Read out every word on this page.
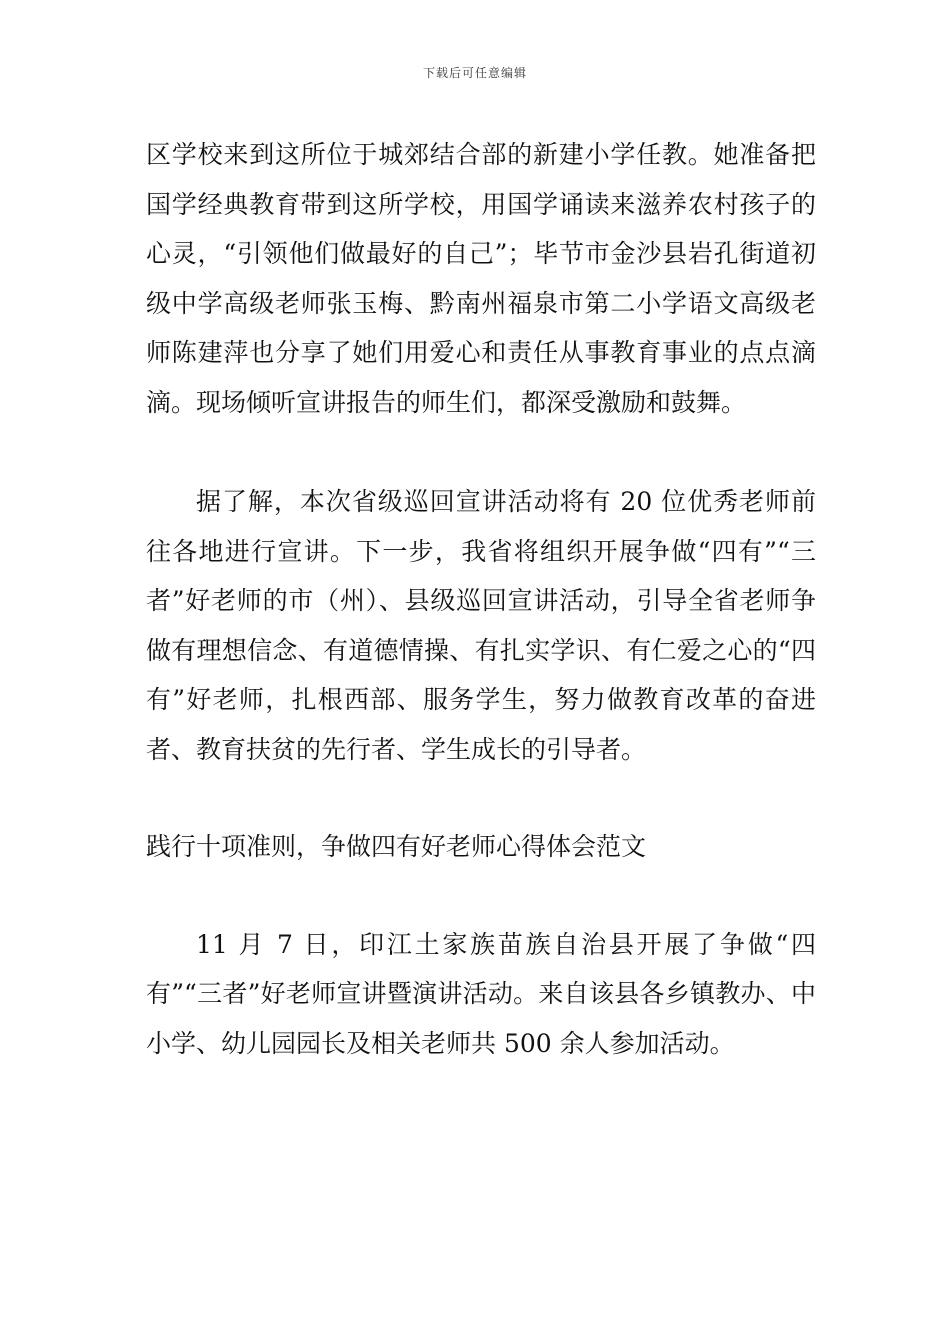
下载后可任意编辑

区学校来到这所位于城郊结合部的新建小学任教。她准备把国学经典教育带到这所学校，用国学诵读来滋养农村孩子的心灵，“引领他们做最好的自己”；毕节市金沙县岩孔街道初级中学高级老师张玉梅、黔南州福泉市第二小学语文高级老师陈建萍也分享了她们用爱心和责任从事教育事业的点点滴滴。现场倾听宣讲报告的师生们，都深受激励和鼓舞。

据了解，本次省级巡回宣讲活动将有 20 位优秀老师前往各地进行宣讲。下一步，我省将组织开展争做“四有”“三者”好老师的市（州）、县级巡回宣讲活动，引导全省老师争做有理想信念、有道德情操、有扎实学识、有仁爱之心的“四有”好老师，扎根西部、服务学生，努力做教育改革的奋进者、教育扶贫的先行者、学生成长的引导者。

践行十项准则，争做四有好老师心得体会范文

11 月 7 日，印江土家族苗族自治县开展了争做“四有”“三者”好老师宣讲暨演讲活动。来自该县各乡镇教办、中小学、幼儿园园长及相关老师共 500 余人参加活动。
